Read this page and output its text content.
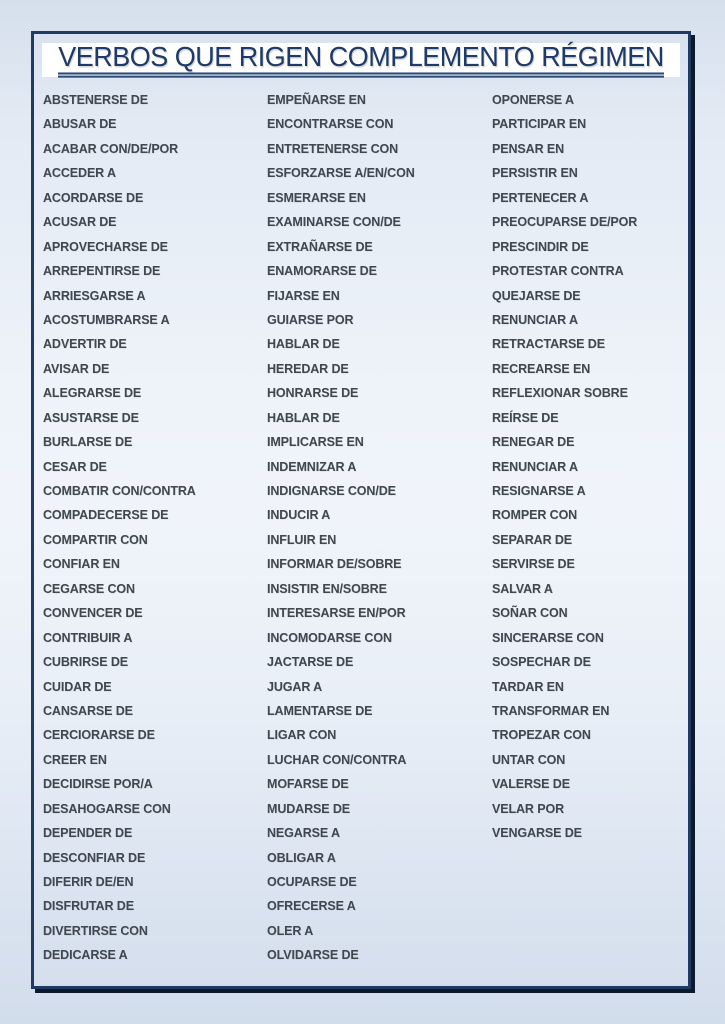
VERBOS QUE RIGEN COMPLEMENTO RÉGIMEN
ABSTENERSE DE
ABUSAR DE
ACABAR CON/DE/POR
ACCEDER A
ACORDARSE DE
ACUSAR DE
APROVECHARSE DE
ARREPENTIRSE DE
ARRIESGARSE A
ACOSTUMBRARSE A
ADVERTIR DE
AVISAR DE
ALEGRARSE DE
ASUSTARSE DE
BURLARSE DE
CESAR DE
COMBATIR CON/CONTRA
COMPADECERSE DE
COMPARTIR CON
CONFIAR EN
CEGARSE CON
CONVENCER DE
CONTRIBUIR A
CUBRIRSE DE
CUIDAR DE
CANSARSE DE
CERCIORARSE DE
CREER EN
DECIDIRSE POR/A
DESAHOGARSE CON
DEPENDER DE
DESCONFIAR DE
DIFERIR DE/EN
DISFRUTAR DE
DIVERTIRSE CON
DEDICARSE A
EMPEÑARSE EN
ENCONTRARSE CON
ENTRETENERSE CON
ESFORZARSE A/EN/CON
ESMERARSE EN
EXAMINARSE CON/DE
EXTRAÑARSE DE
ENAMORARSE DE
FIJARSE EN
GUIARSE POR
HABLAR DE
HEREDAR DE
HONRARSE DE
HABLAR DE
IMPLICARSE EN
INDEMNIZAR A
INDIGNARSE CON/DE
INDUCIR A
INFLUIR EN
INFORMAR DE/SOBRE
INSISTIR EN/SOBRE
INTERESARSE EN/POR
INCOMODARSE CON
JACTARSE DE
JUGAR A
LAMENTARSE DE
LIGAR CON
LUCHAR CON/CONTRA
MOFARSE DE
MUDARSE DE
NEGARSE A
OBLIGAR A
OCUPARSE DE
OFRECERSE A
OLER A
OLVIDARSE DE
OPONERSE A
PARTICIPAR EN
PENSAR EN
PERSISTIR EN
PERTENECER A
PREOCUPARSE DE/POR
PRESCINDIR DE
PROTESTAR CONTRA
QUEJARSE DE
RENUNCIAR A
RETRACTARSE DE
RECREARSE EN
REFLEXIONAR SOBRE
REÍRSE DE
RENEGAR DE
RENUNCIAR A
RESIGNARSE A
ROMPER CON
SEPARAR DE
SERVIRSE DE
SALVAR A
SOÑAR CON
SINCERARSE CON
SOSPECHAR DE
TARDAR EN
TRANSFORMAR EN
TROPEZAR CON
UNTAR CON
VALERSE DE
VELAR POR
VENGARSE DE
